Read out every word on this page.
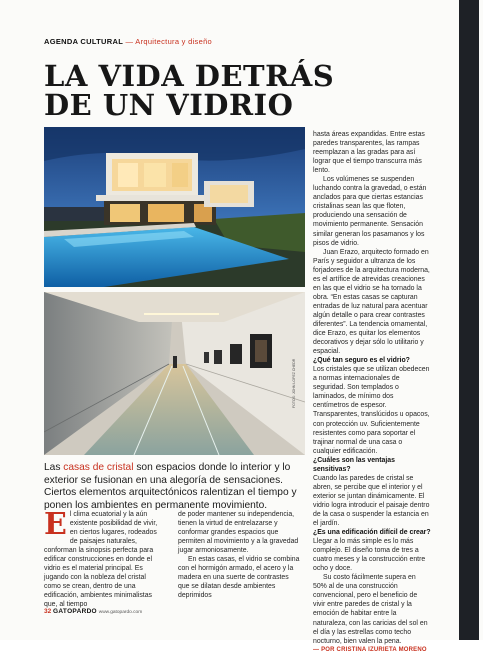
AGENDA CULTURAL — Arquitectura y diseño
LA VIDA DETRÁS DE UN VIDRIO
FOTOS: JOHN LOPEZ CHEDR

Las casas de cristal son espacios donde lo interior y lo exterior se fusionan en una alegoría de sensaciones. Ciertos elementos arquitectónicos ralentizan el tiempo y ponen los ambientes en permanente movimiento.

E l clima ecuatorial y la aún existente posibilidad de vivir, en ciertos lugares, rodeados de paisajes naturales, conforman la sinopsis perfecta para edificar construcciones en donde el vidrio es el material principal. Es jugando con la nobleza del cristal como se crean, dentro de una edificación, ambientes minimalistas que, al tiempo

de poder mantener su independencia, tienen la virtud de entrelazarse y conformar grandes espacios que permiten al movimiento y a la gravedad jugar armoniosamente.

En estas casas, el vidrio se combina con el hormigón armado, el acero y la madera en una suerte de contrastes que se dilatan desde ambientes deprimidos

hasta áreas expandidas. Entre estas paredes transparentes, las rampas reemplazan a las gradas para así lograr que el tiempo transcurra más lento.

Los volúmenes se suspenden luchando contra la gravedad, o están anclados para que ciertas estancias cristalinas sean las que floten, produciendo una sensación de movimiento permanente. Sensación similar generan los pasamanos y los pisos de vidrio.

Juan Erazo, arquitecto formado en París y seguidor a ultranza de los forjadores de la arquitectura moderna, es el artífice de atrevidas creaciones en las que el vidrio se ha tornado la obra. “En estas casas se capturan entradas de luz natural para acentuar algún detalle o para crear contrastes diferentes”. La tendencia ornamental, dice Erazo, es quitar los elementos decorativos y dejar sólo lo utilitario y espacial.

¿Qué tan seguro es el vidrio?

Los cristales que se utilizan obedecen a normas internacionales de seguridad. Son templados o laminados, de mínimo dos centímetros de espesor. Transparentes, translúcidos u opacos, con protección uv. Suficientemente resistentes como para soportar el trajinar normal de una casa o cualquier edificación.

¿Cuáles son las ventajas sensitivas?

Cuando las paredes de cristal se abren, se percibe que el interior y el exterior se juntan dinámicamente. El vidrio logra introducir el paisaje dentro de la casa o suspender la estancia en el jardín.

¿Es una edificación difícil de crear?

Llegar a lo más simple es lo más complejo. El diseño toma de tres a cuatro meses y la construcción entre ocho y doce.

Su costo fácilmente supera en 50% al de una construcción convencional, pero el beneficio de vivir entre paredes de cristal y la emoción de habitar entre la naturaleza, con las caricias del sol en el día y las estrellas como techo nocturno, bien valen la pena.

— POR CRISTINA IZURIETA MORENO

32 GATOPARDO www.gatopardo.com
